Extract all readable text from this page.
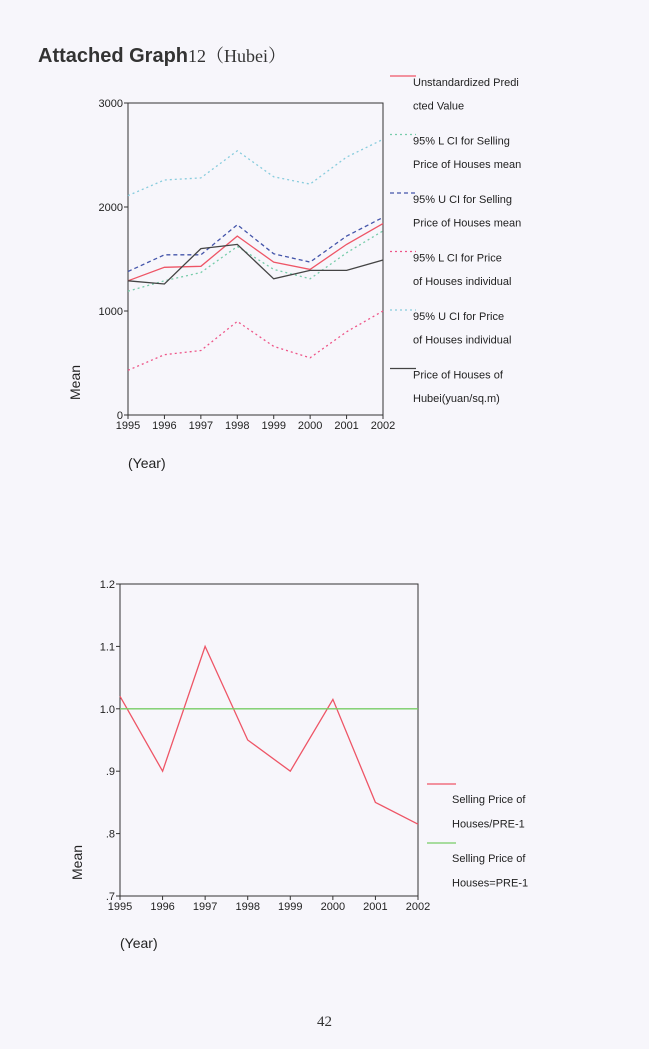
Attached Graph12（Hubei）
0
1000
2000
3000
1995 1996 1997 1998 1999 2000 2001 2002
(Year)
Mean
Unstandardized Predi
cted Value
95% L CI for Selling
Price of Houses mean
95% U CI for Selling
Price of Houses mean
95% L CI for Price
of Houses individual
95% U CI for Price
of Houses individual
Price of Houses of
Hubei(yuan/sq.m)
.7
.8
.9
1.0
1.1
1.2
1995 1996 1997 1998 1999 2000 2001 2002
(Year)
Mean
Selling Price of
Houses/PRE-1
Selling Price of
Houses=PRE-1
42
